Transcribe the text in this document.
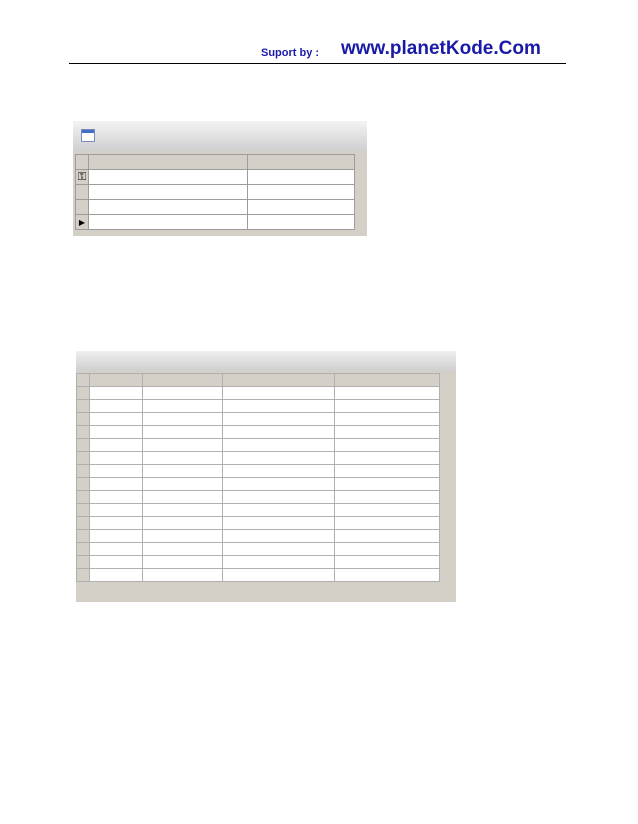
Suport by : www.planetKode.Com

⚿		

▶		
